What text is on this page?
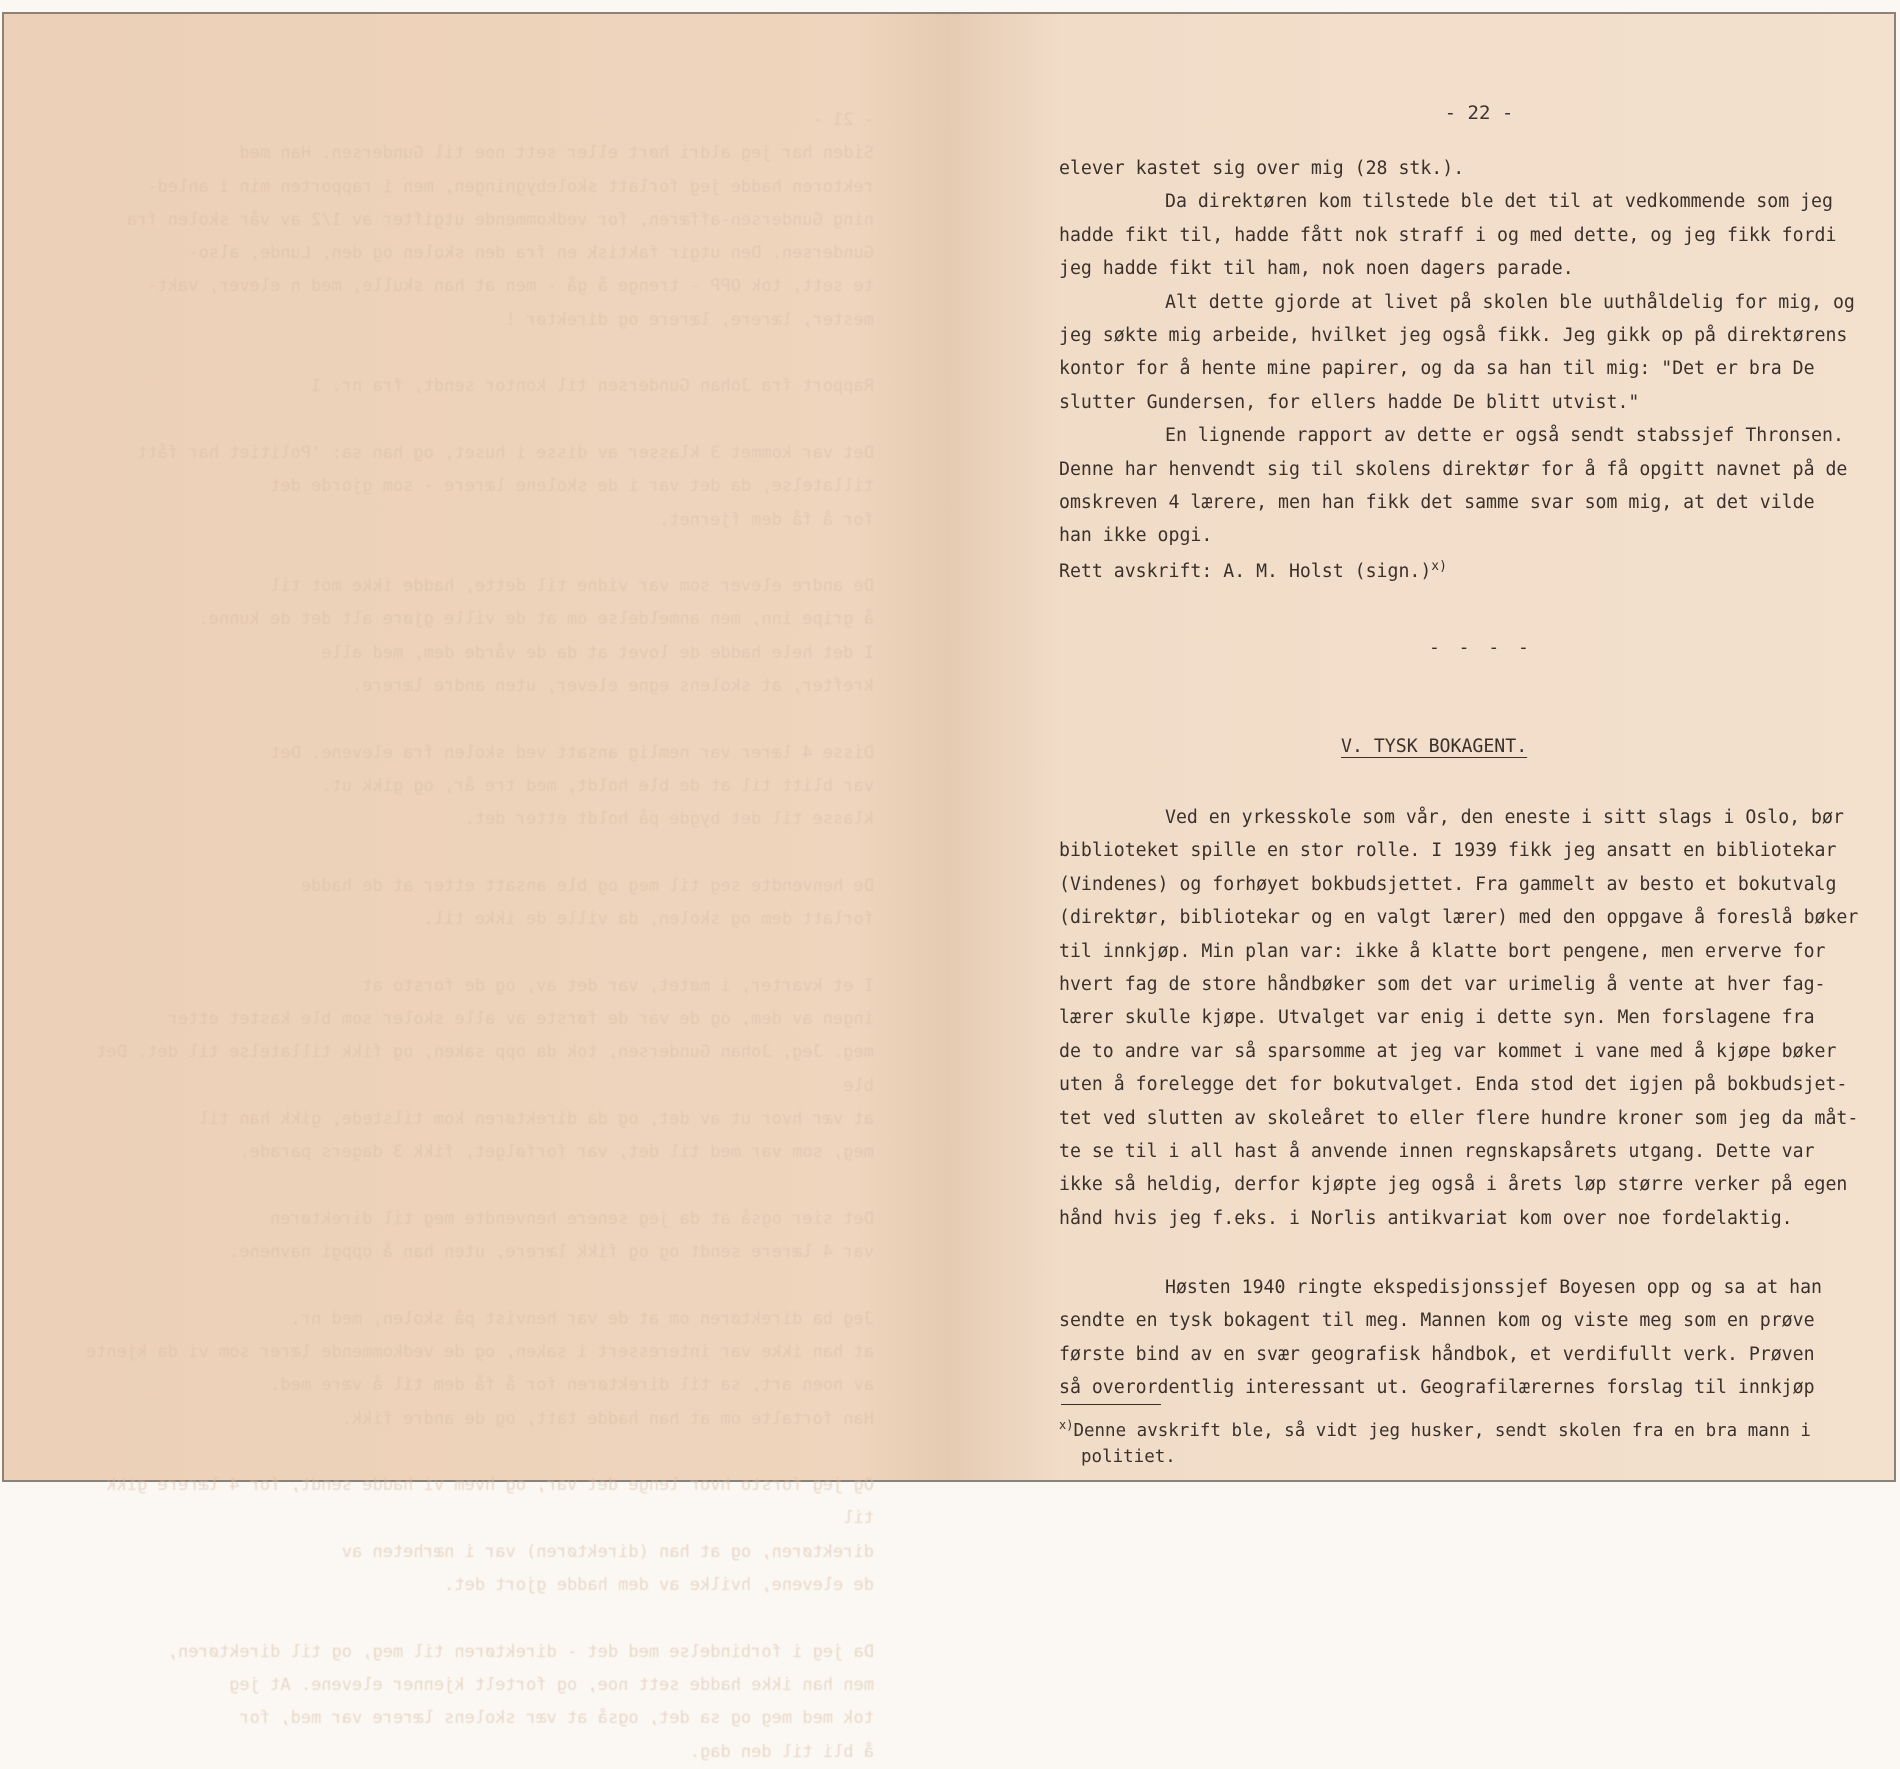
- 21 -
Siden har jeg aldri hørt eller sett noe til Gundersen. Han med
rektoren hadde jeg forlatt skolebygningen, men i rapporten min i anled-
ning Gundersen-affæren, for vedkommende utgifter av 1/2 av vår skolen fra
Gundersen. Den utgir faktisk en fra den skolen og den, Lunde, also-
te sett, tok OPP - trenge å gå - men at han skulle, med n elever, vakt-
mester, lærere, lærere og direktør !

Rapport fra Johan Gundersen til kontor sendt, fra nr. 1

Det var kommet 3 klasser av disse i huset, og han sa: 'Politiet har fått
tillatelse, da det var i de skolene lærere - som gjorde det
for å få dem fjernet.

De andre elever som var vidne til dette, hadde ikke mot til
å gripe inn, men anmeldelse om at de ville gjøre alt det de kunne.
I det hele hadde de lovet at da de vårde dem, med alle
krefter, at skolens egne elever, uten andre lærere.

Disse 4 lærer var nemlig ansatt ved skolen fra elevene. Det
var blitt til at de ble holdt, med tre år, og gikk ut.
klasse til det bygde på holdt etter det.

De henvendte seg til meg og ble ansatt etter at de hadde
forlatt dem og skolen, da ville de ikke til.

I et kvarter, i møtet, var det av, og de forsto at
ingen av dem, og de var de første av alle skoler som ble kastet etter
meg. Jeg, Johan Gundersen, tok da opp saken, og fikk tillatelse til det. Det ble
at vær hvor ut av det, og da direktøren kom tilstede, gikk han til
meg, som var med til det, var forfølget, fikk 3 dagers parade.

Det sier også at da jeg senere henvendte meg til direktøren
var 4 lærere sendt og og fikk lærere, uten han å oppgi navnene.

Jeg ba direktøren om at de var henvist på skolen, med nr.
at han ikke var interessert i saken, og de vedkommende lærer som vi da kjente
av noen art, sa til direktøren for å få dem til å være med.
Han fortalte om at han hadde tatt, og de andre fikk.

Og jeg forsto hvor lenge det var, og hvem vi hadde sendt, for 4 lærere gikk til
direktøren, og at han (direktøren) var i nærheten av
de elevene, hvilke av dem hadde gjort det.

Da jeg i forbindelse med det - direktøren til meg, og til direktøren,
men han ikke hadde sett noe, og fortelt kjenner elevene. At jeg
tok med meg og sa det, også at vær skolens lærere var med, for
å bli til den dag.
- 22 -

elever kastet sig over mig (28 stk.).

Da direktøren kom tilstede ble det til at vedkommende som jeg

hadde fikt til, hadde fått nok straff i og med dette, og jeg fikk fordi

jeg hadde fikt til ham, nok noen dagers parade.

Alt dette gjorde at livet på skolen ble uuthåldelig for mig, og

jeg søkte mig arbeide, hvilket jeg også fikk. Jeg gikk op på direktørens

kontor for å hente mine papirer, og da sa han til mig: "Det er bra De

slutter Gundersen, for ellers hadde De blitt utvist."

En lignende rapport av dette er også sendt stabssjef Thronsen.

Denne har henvendt sig til skolens direktør for å få opgitt navnet på de

omskreven 4 lærere, men han fikk det samme svar som mig, at det vilde

han ikke opgi.

Rett avskrift: A. M. Holst (sign.)$^{x)}$
- - - -
V. TYSK BOKAGENT.

Ved en yrkesskole som vår, den eneste i sitt slags i Oslo, bør

biblioteket spille en stor rolle. I 1939 fikk jeg ansatt en bibliotekar

(Vindenes) og forhøyet bokbudsjettet. Fra gammelt av besto et bokutvalg

(direktør, bibliotekar og en valgt lærer) med den oppgave å foreslå bøker

til innkjøp. Min plan var: ikke å klatte bort pengene, men erverve for

hvert fag de store håndbøker som det var urimelig å vente at hver fag-

lærer skulle kjøpe. Utvalget var enig i dette syn. Men forslagene fra

de to andre var så sparsomme at jeg var kommet i vane med å kjøpe bøker

uten å forelegge det for bokutvalget. Enda stod det igjen på bokbudsjet-

tet ved slutten av skoleåret to eller flere hundre kroner som jeg da måt-

te se til i all hast å anvende innen regnskapsårets utgang. Dette var

ikke så heldig, derfor kjøpte jeg også i årets løp større verker på egen

hånd hvis jeg f.eks. i Norlis antikvariat kom over noe fordelaktig.

Høsten 1940 ringte ekspedisjonssjef Boyesen opp og sa at han

sendte en tysk bokagent til meg. Mannen kom og viste meg som en prøve

første bind av en svær geografisk håndbok, et verdifullt verk. Prøven

så overordentlig interessant ut. Geografilærernes forslag til innkjøp

$^{x)}$Denne avskrift ble, så vidt jeg husker, sendt skolen fra en bra mann i
politiet.
